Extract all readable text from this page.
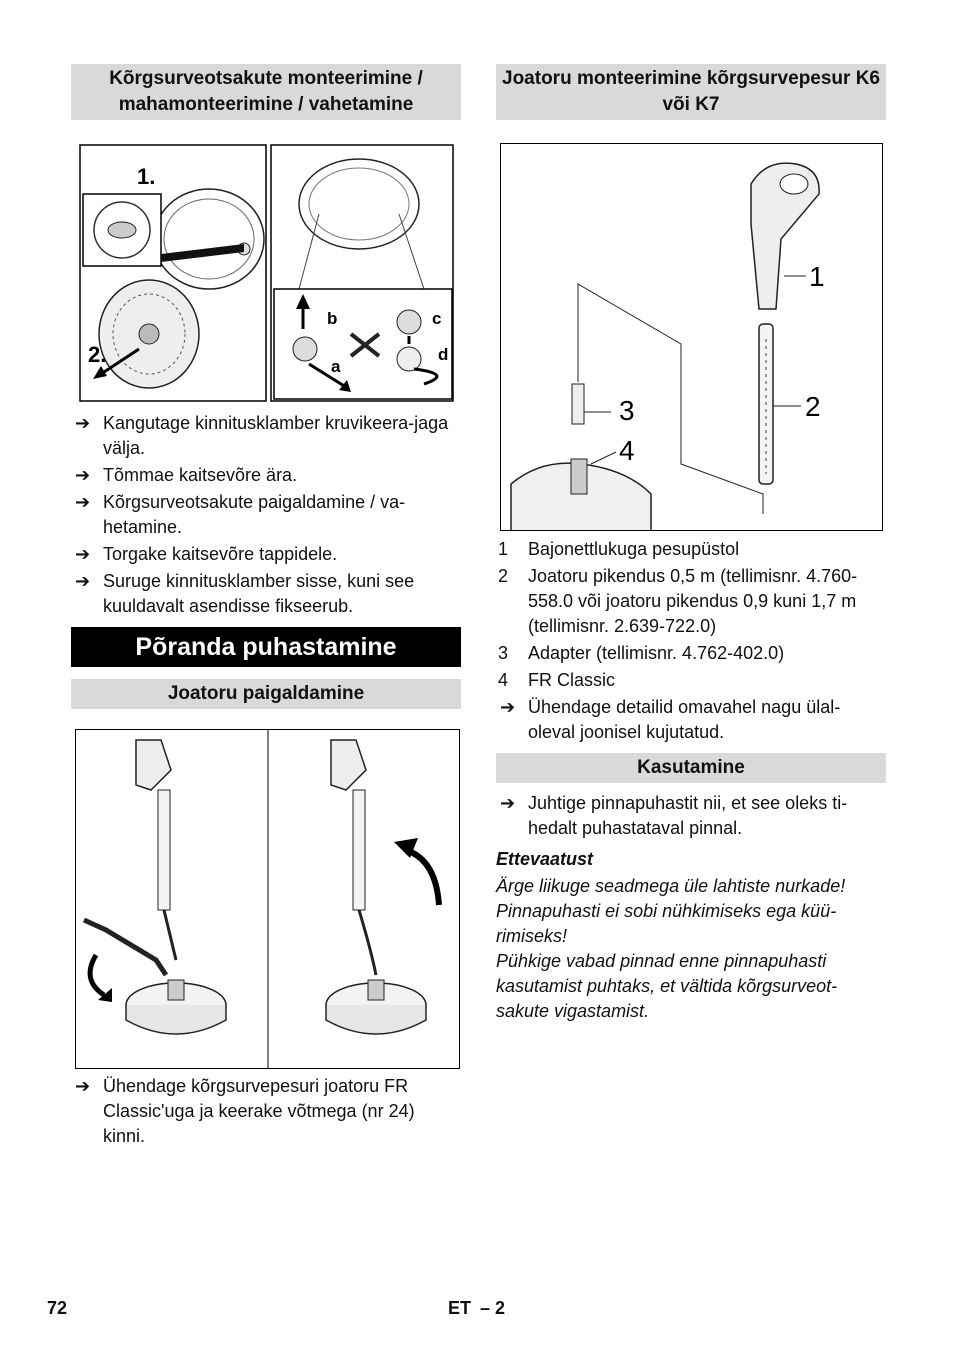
Kõrgsurveotsakute monteerimine / mahamonteerimine / vahetamine
1.
2.	a
b	c
d
➔ Kangutage kinnitusklamber kruvikeera-jaga välja.
➔ Tõmmae kaitsevõre ära.
➔ Kõrgsurveotsakute paigaldamine / va-hetamine.
➔ Torgake kaitsevõre tappidele.
➔ Suruge kinnitusklamber sisse, kuni see kuuldavalt asendisse fikseerub.
Põranda puhastamine
Joatoru paigaldamine
➔ Ühendage kõrgsurvepesuri joatoru FR Classic'uga ja keerake võtmega (nr 24) kinni.
Joatoru monteerimine kõrgsurvepesur K6 või K7
1
2
3
4
1 Bajonettlukuga pesupüstol
2 Joatoru pikendus 0,5 m (tellimisnr. 4.760-558.0 või joatoru pikendus 0,9 kuni 1,7 m (tellimisnr. 2.639-722.0)
3 Adapter (tellimisnr. 4.762-402.0)
4 FR Classic
➔ Ühendage detailid omavahel nagu ülal-oleval joonisel kujutatud.
Kasutamine
➔ Juhtige pinnapuhastit nii, et see oleks ti-hedalt puhastataval pinnal.
Ettevaatust

Ärge liikuge seadmega üle lahtiste nurkade!

Pinnapuhasti ei sobi nühkimiseks ega küü-rimiseks!

Pühkige vabad pinnad enne pinnapuhasti kasutamist puhtaks, et vältida kõrgsurveot-sakute vigastamist.

72	ET – 2
